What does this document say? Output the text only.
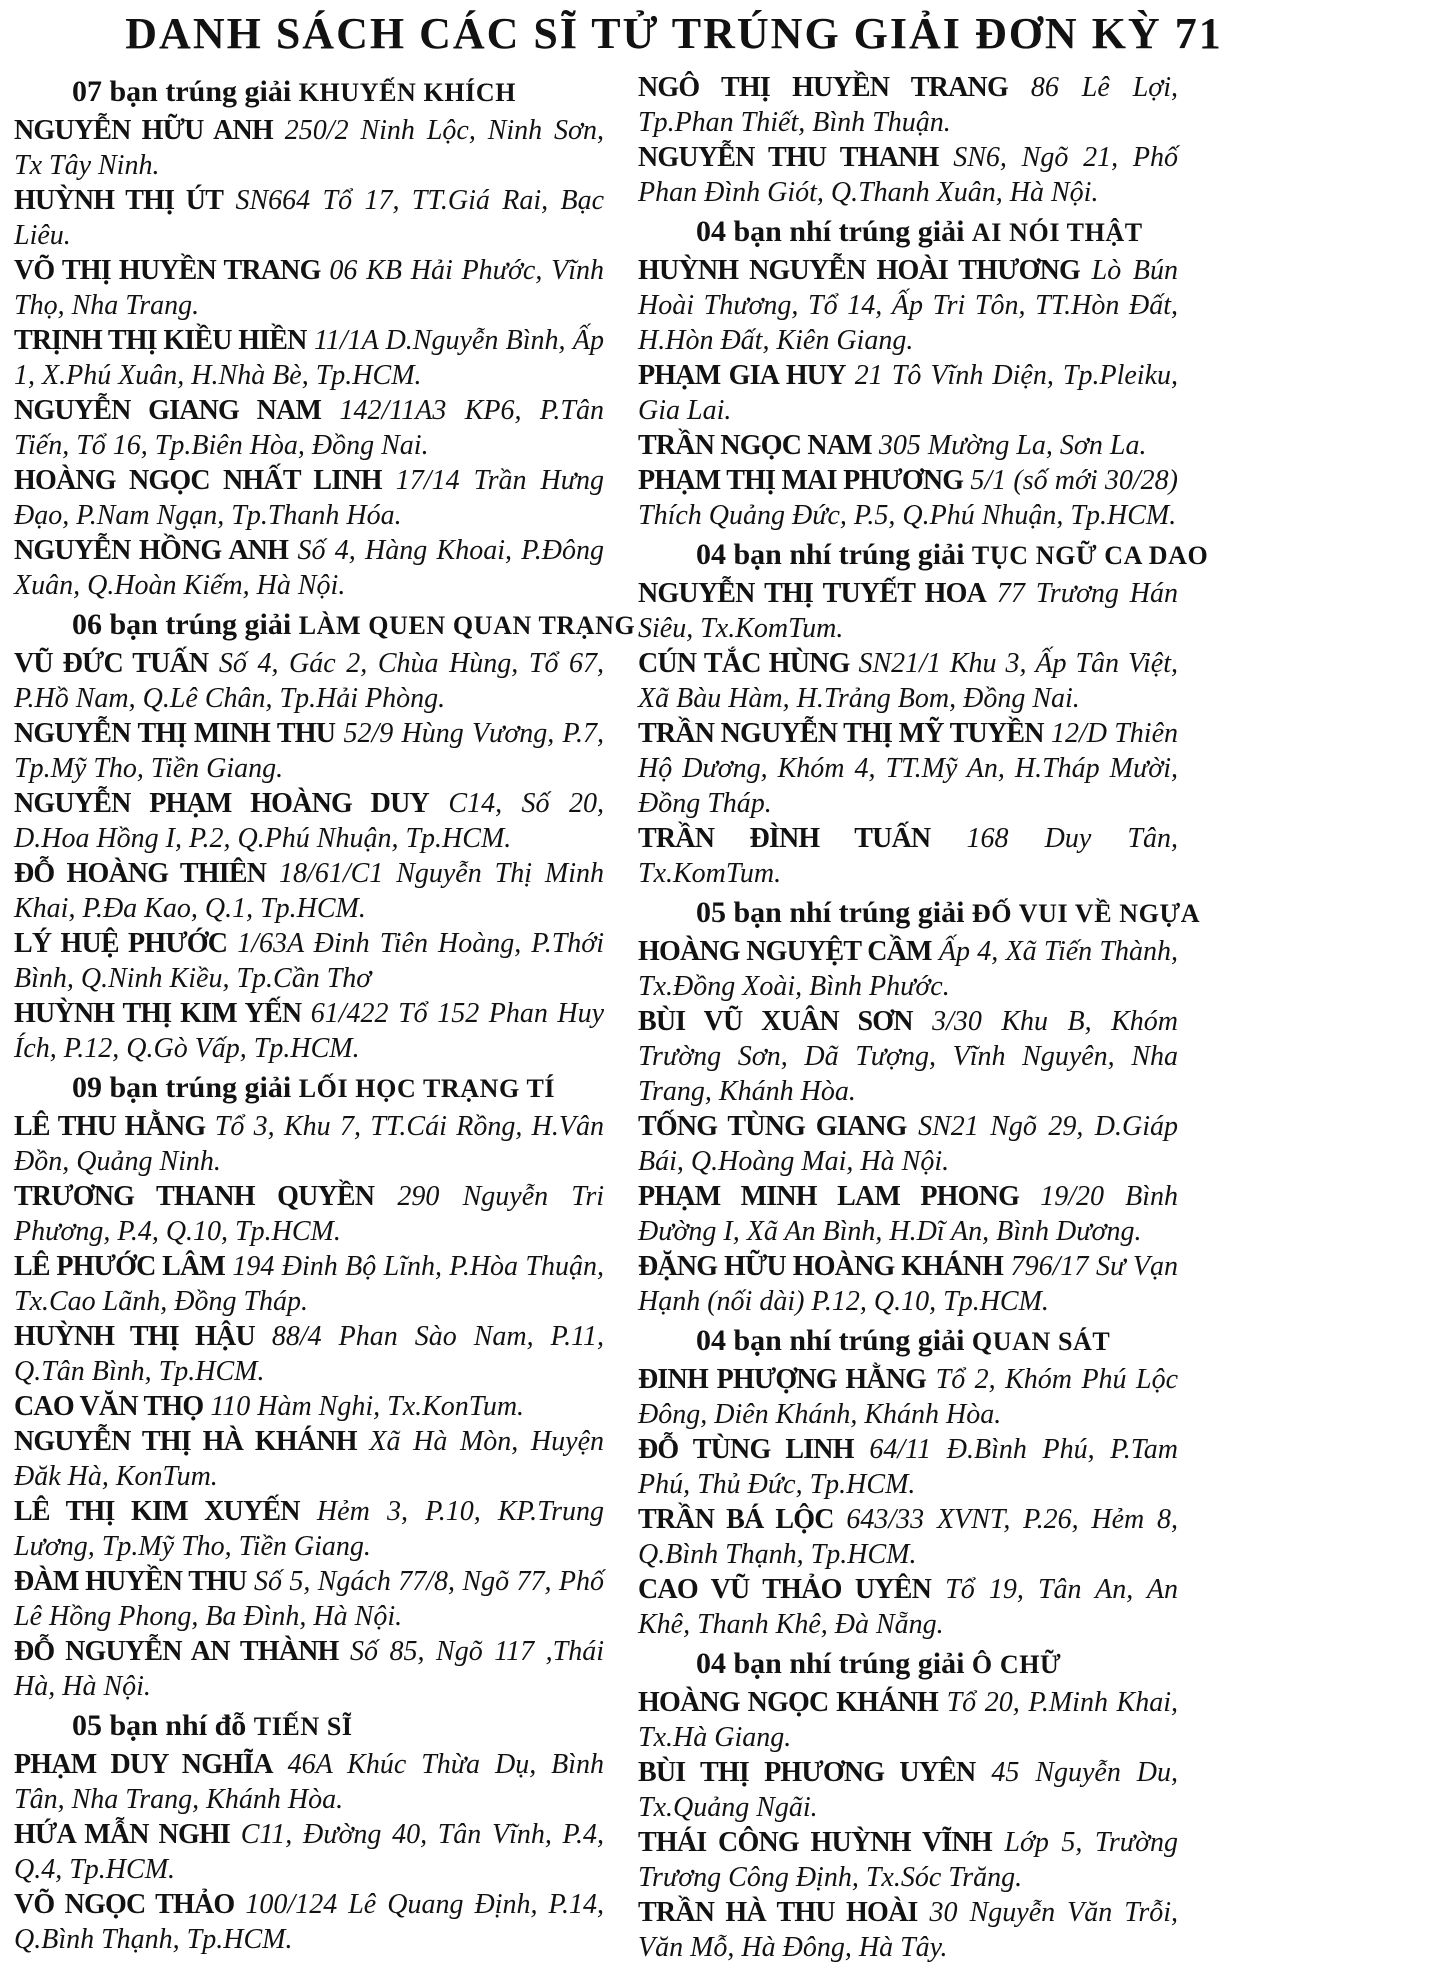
DANH SÁCH CÁC SĨ TỬ TRÚNG GIẢI ĐƠN KỲ 71

07 bạn trúng giải KHUYẾN KHÍCH

NGUYỄN HỮU ANH 250/2 Ninh Lộc, Ninh Sơn, Tx Tây Ninh.

HUỲNH THỊ ÚT SN664 Tổ 17, TT.Giá Rai, Bạc Liêu.

VÕ THỊ HUYỀN TRANG 06 KB Hải Phước, Vĩnh Thọ, Nha Trang.

TRỊNH THỊ KIỀU HIỀN 11/1A D.Nguyễn Bình, Ấp 1, X.Phú Xuân, H.Nhà Bè, Tp.HCM.

NGUYỄN GIANG NAM 142/11A3 KP6, P.Tân Tiến, Tổ 16, Tp.Biên Hòa, Đồng Nai.

HOÀNG NGỌC NHẤT LINH 17/14 Trần Hưng Đạo, P.Nam Ngạn, Tp.Thanh Hóa.

NGUYỄN HỒNG ANH Số 4, Hàng Khoai, P.Đông Xuân, Q.Hoàn Kiếm, Hà Nội.

06 bạn trúng giải LÀM QUEN QUAN TRẠNG

VŨ ĐỨC TUẤN Số 4, Gác 2, Chùa Hùng, Tổ 67, P.Hồ Nam, Q.Lê Chân, Tp.Hải Phòng.

NGUYỄN THỊ MINH THU 52/9 Hùng Vương, P.7, Tp.Mỹ Tho, Tiền Giang.

NGUYỄN PHẠM HOÀNG DUY C14, Số 20, D.Hoa Hồng I, P.2, Q.Phú Nhuận, Tp.HCM.

ĐỖ HOÀNG THIÊN 18/61/C1 Nguyễn Thị Minh Khai, P.Đa Kao, Q.1, Tp.HCM.

LÝ HUỆ PHƯỚC 1/63A Đinh Tiên Hoàng, P.Thới Bình, Q.Ninh Kiều, Tp.Cần Thơ

HUỲNH THỊ KIM YẾN 61/422 Tổ 152 Phan Huy Ích, P.12, Q.Gò Vấp, Tp.HCM.

09 bạn trúng giải LỐI HỌC TRẠNG TÍ

LÊ THU HẰNG Tổ 3, Khu 7, TT.Cái Rồng, H.Vân Đồn, Quảng Ninh.

TRƯƠNG THANH QUYỀN 290 Nguyễn Tri Phương, P.4, Q.10, Tp.HCM.

LÊ PHƯỚC LÂM 194 Đinh Bộ Lĩnh, P.Hòa Thuận, Tx.Cao Lãnh, Đồng Tháp.

HUỲNH THỊ HẬU 88/4 Phan Sào Nam, P.11, Q.Tân Bình, Tp.HCM.

CAO VĂN THỌ 110 Hàm Nghi, Tx.KonTum.

NGUYỄN THỊ HÀ KHÁNH Xã Hà Mòn, Huyện Đăk Hà, KonTum.

LÊ THỊ KIM XUYẾN Hẻm 3, P.10, KP.Trung Lương, Tp.Mỹ Tho, Tiền Giang.

ĐÀM HUYỀN THU Số 5, Ngách 77/8, Ngõ 77, Phố Lê Hồng Phong, Ba Đình, Hà Nội.

ĐỖ NGUYỄN AN THÀNH Số 85, Ngõ 117 ,Thái Hà, Hà Nội.

05 bạn nhí đỗ TIẾN SĨ

PHẠM DUY NGHĨA 46A Khúc Thừa Dụ, Bình Tân, Nha Trang, Khánh Hòa.

HỨA MẪN NGHI C11, Đường 40, Tân Vĩnh, P.4, Q.4, Tp.HCM.

VÕ NGỌC THẢO 100/124 Lê Quang Định, P.14, Q.Bình Thạnh, Tp.HCM.

NGÔ THỊ HUYỀN TRANG 86 Lê Lợi, Tp.Phan Thiết, Bình Thuận.

NGUYỄN THU THANH SN6, Ngõ 21, Phố Phan Đình Giót, Q.Thanh Xuân, Hà Nội.

04 bạn nhí trúng giải AI NÓI THẬT

HUỲNH NGUYỄN HOÀI THƯƠNG Lò Bún Hoài Thương, Tổ 14, Ấp Tri Tôn, TT.Hòn Đất, H.Hòn Đất, Kiên Giang.

PHẠM GIA HUY 21 Tô Vĩnh Diện, Tp.Pleiku, Gia Lai.

TRẦN NGỌC NAM 305 Mường La, Sơn La.

PHẠM THỊ MAI PHƯƠNG 5/1 (số mới 30/28) Thích Quảng Đức, P.5, Q.Phú Nhuận, Tp.HCM.

04 bạn nhí trúng giải TỤC NGỮ CA DAO

NGUYỄN THỊ TUYẾT HOA 77 Trương Hán Siêu, Tx.KomTum.

CÚN TẮC HÙNG SN21/1 Khu 3, Ấp Tân Việt, Xã Bàu Hàm, H.Trảng Bom, Đồng Nai.

TRẦN NGUYỄN THỊ MỸ TUYỀN 12/D Thiên Hộ Dương, Khóm 4, TT.Mỹ An, H.Tháp Mười, Đồng Tháp.

TRẦN ĐÌNH TUẤN 168 Duy Tân, Tx.KomTum.

05 bạn nhí trúng giải ĐỐ VUI VỀ NGỰA

HOÀNG NGUYỆT CẦM Ấp 4, Xã Tiến Thành, Tx.Đồng Xoài, Bình Phước.

BÙI VŨ XUÂN SƠN 3/30 Khu B, Khóm Trường Sơn, Dã Tượng, Vĩnh Nguyên, Nha Trang, Khánh Hòa.

TỐNG TÙNG GIANG SN21 Ngõ 29, D.Giáp Bái, Q.Hoàng Mai, Hà Nội.

PHẠM MINH LAM PHONG 19/20 Bình Đường I, Xã An Bình, H.Dĩ An, Bình Dương.

ĐẶNG HỮU HOÀNG KHÁNH 796/17 Sư Vạn Hạnh (nối dài) P.12, Q.10, Tp.HCM.

04 bạn nhí trúng giải QUAN SÁT

ĐINH PHƯỢNG HẰNG Tổ 2, Khóm Phú Lộc Đông, Diên Khánh, Khánh Hòa.

ĐỖ TÙNG LINH 64/11 Đ.Bình Phú, P.Tam Phú, Thủ Đức, Tp.HCM.

TRẦN BÁ LỘC 643/33 XVNT, P.26, Hẻm 8, Q.Bình Thạnh, Tp.HCM.

CAO VŨ THẢO UYÊN Tổ 19, Tân An, An Khê, Thanh Khê, Đà Nẵng.

04 bạn nhí trúng giải Ô CHỮ

HOÀNG NGỌC KHÁNH Tổ 20, P.Minh Khai, Tx.Hà Giang.

BÙI THỊ PHƯƠNG UYÊN 45 Nguyễn Du, Tx.Quảng Ngãi.

THÁI CÔNG HUỲNH VĨNH Lớp 5, Trường Trương Công Định, Tx.Sóc Trăng.

TRẦN HÀ THU HOÀI 30 Nguyễn Văn Trỗi, Văn Mỗ, Hà Đông, Hà Tây.
